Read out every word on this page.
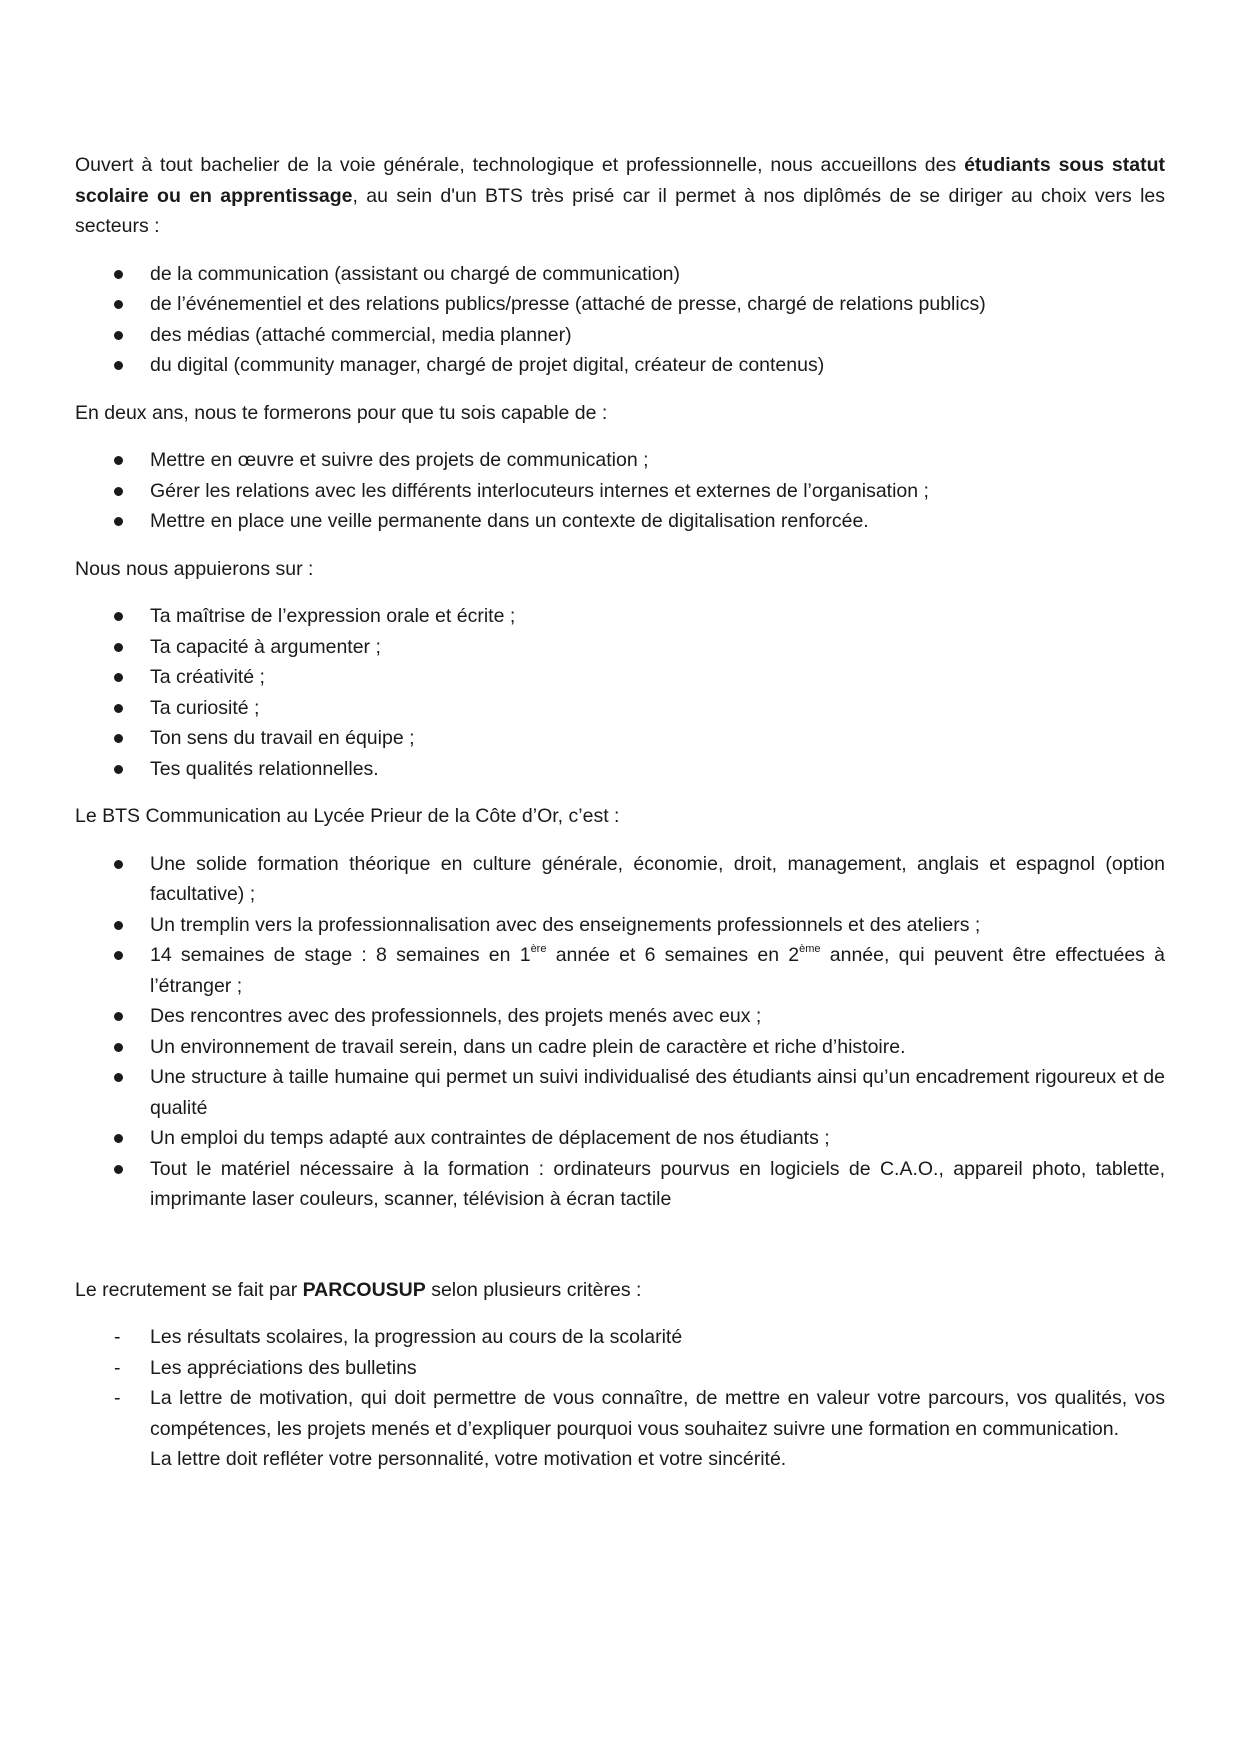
Ouvert à tout bachelier de la voie générale, technologique et professionnelle, nous accueillons des étudiants sous statut scolaire ou en apprentissage, au sein d'un BTS très prisé car il permet à nos diplômés de se diriger au choix vers les secteurs :

de la communication (assistant ou chargé de communication)
de l’événementiel et des relations publics/presse (attaché de presse, chargé de relations publics)
des médias (attaché commercial, media planner)
du digital (community manager, chargé de projet digital, créateur de contenus)

En deux ans, nous te formerons pour que tu sois capable de :

Mettre en œuvre et suivre des projets de communication ;
Gérer les relations avec les différents interlocuteurs internes et externes de l’organisation ;
Mettre en place une veille permanente dans un contexte de digitalisation renforcée.

Nous nous appuierons sur :

Ta maîtrise de l’expression orale et écrite ;
Ta capacité à argumenter ;
Ta créativité ;
Ta curiosité ;
Ton sens du travail en équipe ;
Tes qualités relationnelles.

Le BTS Communication au Lycée Prieur de la Côte d’Or, c’est :

Une solide formation théorique en culture générale, économie, droit, management, anglais et espagnol (option facultative) ;
Un tremplin vers la professionnalisation avec des enseignements professionnels et des ateliers ;
14 semaines de stage : 8 semaines en 1ère année et 6 semaines en 2ème année, qui peuvent être effectuées à l’étranger ;
Des rencontres avec des professionnels, des projets menés avec eux ;
Un environnement de travail serein, dans un cadre plein de caractère et riche d’histoire.
Une structure à taille humaine qui permet un suivi individualisé des étudiants ainsi qu’un encadrement rigoureux et de qualité
Un emploi du temps adapté aux contraintes de déplacement de nos étudiants ;
Tout le matériel nécessaire à la formation : ordinateurs pourvus en logiciels de C.A.O., appareil photo, tablette, imprimante laser couleurs, scanner, télévision à écran tactile

Le recrutement se fait par PARCOUSUP selon plusieurs critères :

- Les résultats scolaires, la progression au cours de la scolarité
- Les appréciations des bulletins
- La lettre de motivation, qui doit permettre de vous connaître, de mettre en valeur votre parcours, vos qualités, vos compétences, les projets menés et d’expliquer pourquoi vous souhaitez suivre une formation en communication.
La lettre doit refléter votre personnalité, votre motivation et votre sincérité.
